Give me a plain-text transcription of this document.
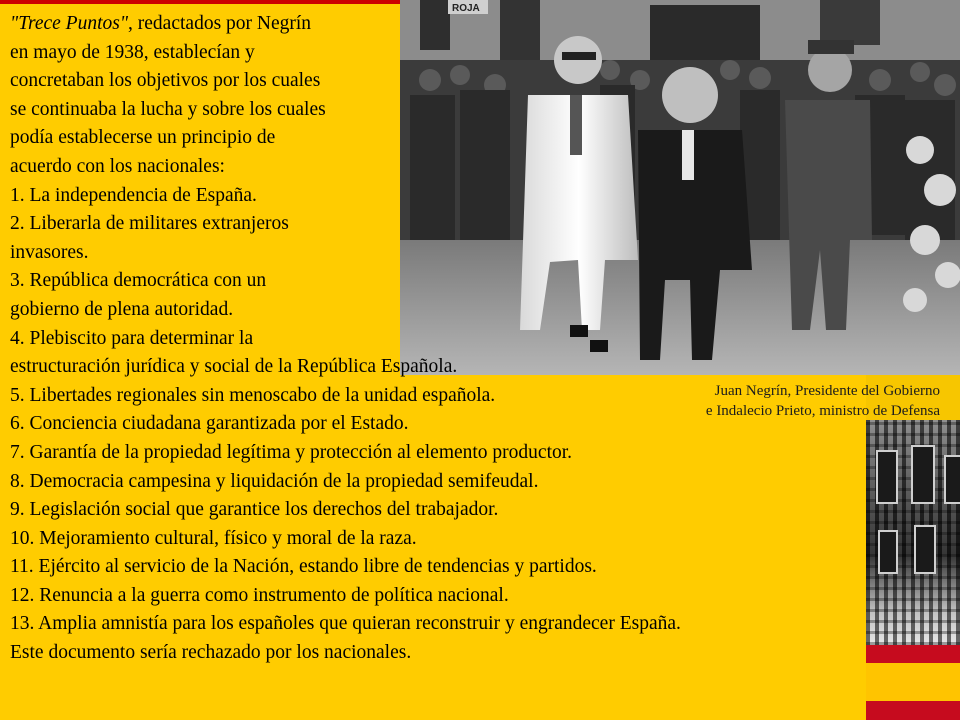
ROJA
Juan Negrín, Presidente del Gobierno
e Indalecio Prieto, ministro de Defensa
"Trece Puntos", redactados por Negrín
en mayo de 1938, establecían y
concretaban los objetivos por los cuales
se continuaba la lucha y sobre los cuales
podía establecerse un principio de
acuerdo con los nacionales:
1. La independencia de España.
2. Liberarla de militares extranjeros
invasores.
3. República democrática con un
gobierno de plena autoridad.
4. Plebiscito para determinar la
estructuración jurídica y social de la República Española.
5. Libertades regionales sin menoscabo de la unidad española.
6. Conciencia ciudadana garantizada por el Estado.
7. Garantía de la propiedad legítima y protección al elemento productor.
8. Democracia campesina y liquidación de la propiedad semifeudal.
9. Legislación social que garantice los derechos del trabajador.
10. Mejoramiento cultural, físico y moral de la raza.
11. Ejército al servicio de la Nación, estando libre de tendencias y partidos.
12. Renuncia a la guerra como instrumento de política nacional.
13. Amplia amnistía para los españoles que quieran reconstruir y engrandecer España.
Este documento sería rechazado por los nacionales.
